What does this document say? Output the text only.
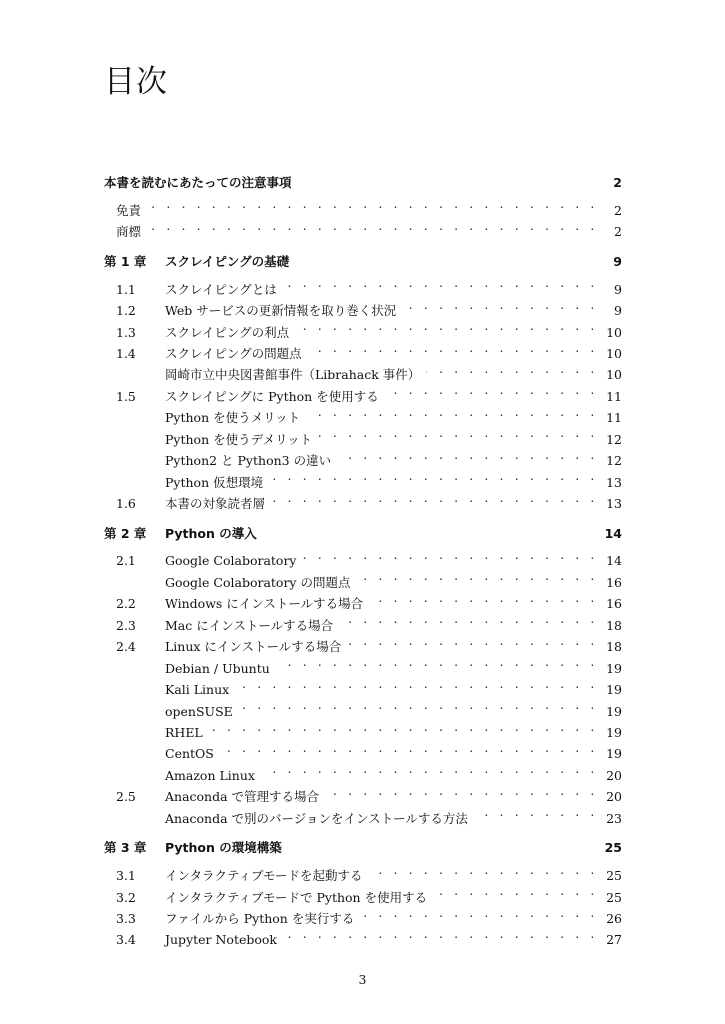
目次
本書を読むにあたっての注意事項	2
免責 . . .	2
商標 . . .	2
第 1 章	スクレイピングの基礎	9
1.1	スクレイピングとは . . .	9
1.2	Web サービスの更新情報を取り巻く状況 . . .	9
1.3	スクレイピングの利点 . . .	10
1.4	スクレイピングの問題点 . . .	10
岡崎市立中央図書館事件（Librahack 事件） . . .	10
1.5	スクレイピングに Python を使用する . . .	11
Python を使うメリット . . .	11
Python を使うデメリット . . .	12
Python2 と Python3 の違い . . .	12
Python 仮想環境 . . .	13
1.6	本書の対象読者層 . . .	13
第 2 章	Python の導入	14
2.1	Google Colaboratory . . .	14
Google Colaboratory の問題点 . . .	16
2.2	Windows にインストールする場合 . . .	16
2.3	Mac にインストールする場合 . . .	18
2.4	Linux にインストールする場合 . . .	18
Debian / Ubuntu . . .	19
Kali Linux . . .	19
openSUSE . . .	19
RHEL . . .	19
CentOS . . .	19
Amazon Linux . . .	20
2.5	Anaconda で管理する場合 . . .	20
Anaconda で別のバージョンをインストールする方法 . . .	23
第 3 章	Python の環境構築	25
3.1	インタラクティブモードを起動する . . .	25
3.2	インタラクティブモードで Python を使用する . . .	25
3.3	ファイルから Python を実行する . . .	26
3.4	Jupyter Notebook . . .	27
3
